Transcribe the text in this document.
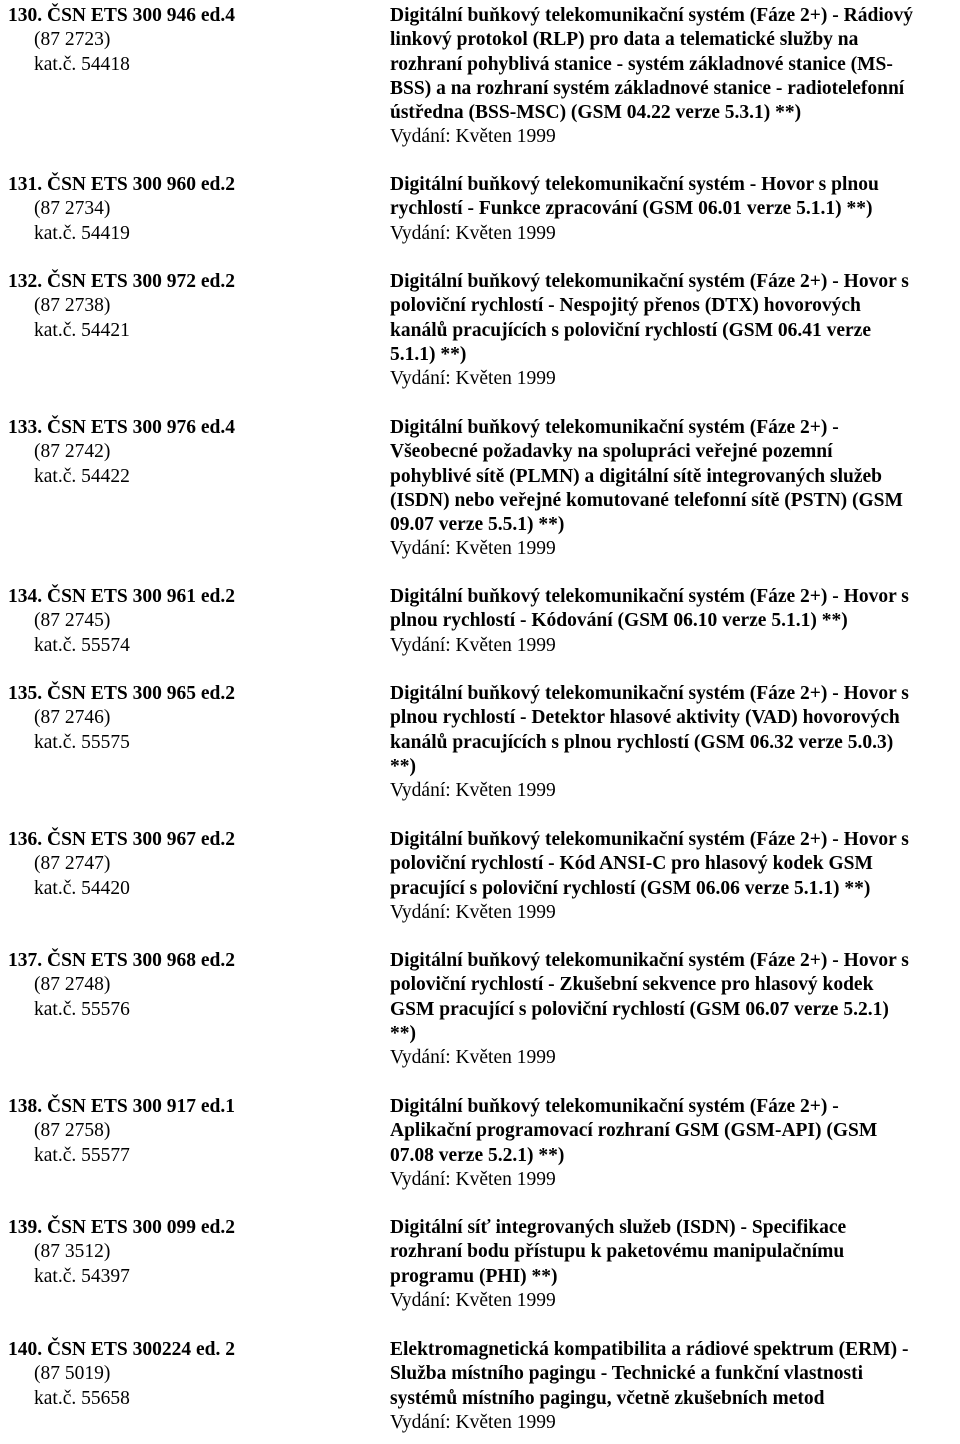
130. ČSN ETS 300 946 ed.4
(87 2723)
kat.č. 54418
Digitální buňkový telekomunikační systém (Fáze 2+) - Rádiový
linkový protokol (RLP) pro data a telematické služby na
rozhraní pohyblivá stanice - systém základnové stanice (MS-
BSS) a na rozhraní systém základnové stanice - radiotelefonní
ústředna (BSS-MSC) (GSM 04.22 verze 5.3.1) **)
Vydání: Květen 1999
131. ČSN ETS 300 960 ed.2
(87 2734)
kat.č. 54419
Digitální buňkový telekomunikační systém - Hovor s plnou
rychlostí - Funkce zpracování (GSM 06.01 verze 5.1.1) **)
Vydání: Květen 1999
132. ČSN ETS 300 972 ed.2
(87 2738)
kat.č. 54421
Digitální buňkový telekomunikační systém (Fáze 2+) - Hovor s
poloviční rychlostí - Nespojitý přenos (DTX) hovorových
kanálů pracujících s poloviční rychlostí (GSM 06.41 verze
5.1.1) **)
Vydání: Květen 1999
133. ČSN ETS 300 976 ed.4
(87 2742)
kat.č. 54422
Digitální buňkový telekomunikační systém (Fáze 2+) -
Všeobecné požadavky na spolupráci veřejné pozemní
pohyblivé sítě (PLMN) a digitální sítě integrovaných služeb
(ISDN) nebo veřejné komutované telefonní sítě (PSTN) (GSM
09.07 verze 5.5.1) **)
Vydání: Květen 1999
134. ČSN ETS 300 961 ed.2
(87 2745)
kat.č. 55574
Digitální buňkový telekomunikační systém (Fáze 2+) - Hovor s
plnou rychlostí - Kódování (GSM 06.10 verze 5.1.1) **)
Vydání: Květen 1999
135. ČSN ETS 300 965 ed.2
(87 2746)
kat.č. 55575
Digitální buňkový telekomunikační systém (Fáze 2+) - Hovor s
plnou rychlostí - Detektor hlasové aktivity (VAD) hovorových
kanálů pracujících s plnou rychlostí (GSM 06.32 verze 5.0.3)
**)
Vydání: Květen 1999
136. ČSN ETS 300 967 ed.2
(87 2747)
kat.č. 54420
Digitální buňkový telekomunikační systém (Fáze 2+) - Hovor s
poloviční rychlostí - Kód ANSI-C pro hlasový kodek GSM
pracující s poloviční rychlostí (GSM 06.06 verze 5.1.1) **)
Vydání: Květen 1999
137. ČSN ETS 300 968 ed.2
(87 2748)
kat.č. 55576
Digitální buňkový telekomunikační systém (Fáze 2+) - Hovor s
poloviční rychlostí - Zkušební sekvence pro hlasový kodek
GSM pracující s poloviční rychlostí (GSM 06.07 verze 5.2.1)
**)
Vydání: Květen 1999
138. ČSN ETS 300 917 ed.1
(87 2758)
kat.č. 55577
Digitální buňkový telekomunikační systém (Fáze 2+) -
Aplikační programovací rozhraní GSM (GSM-API) (GSM
07.08 verze 5.2.1) **)
Vydání: Květen 1999
139. ČSN ETS 300 099 ed.2
(87 3512)
kat.č. 54397
Digitální síť integrovaných služeb (ISDN) - Specifikace
rozhraní bodu přístupu k paketovému manipulačnímu
programu (PHI) **)
Vydání: Květen 1999
140. ČSN ETS 300224 ed. 2
(87 5019)
kat.č. 55658
Elektromagnetická kompatibilita a rádiové spektrum (ERM) -
Služba místního pagingu - Technické a funkční vlastnosti
systémů místního pagingu, včetně zkušebních metod
Vydání: Květen 1999
